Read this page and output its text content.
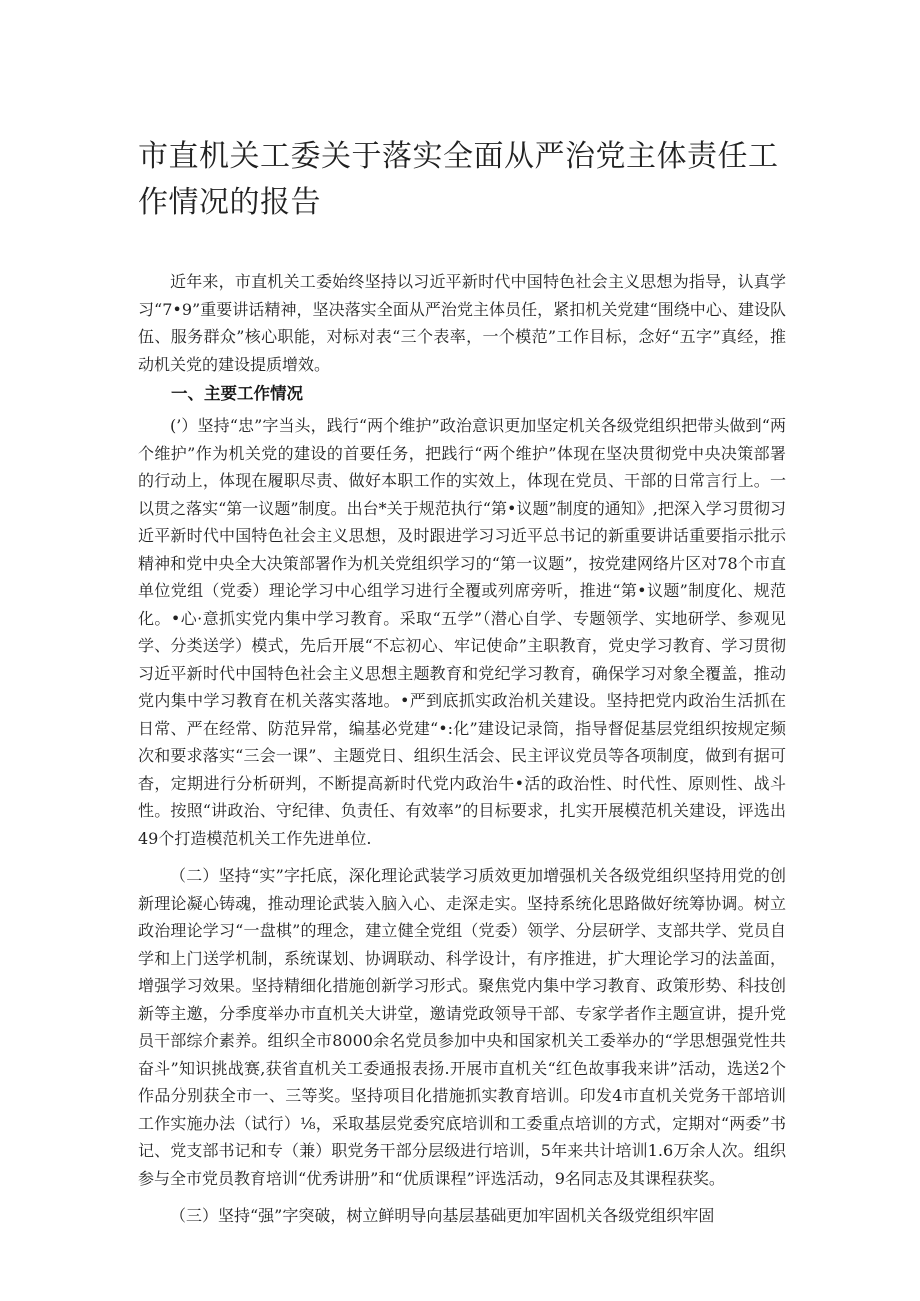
市直机关工委关于落实全面从严治党主体责任工作情况的报告

近年来，市直机关工委始终坚持以习近平新时代中国特色社会主义思想为指导，认真学习“7•9”重要讲话精神，坚决落实全面从严治党主体员任，紧扣机关党建“围绕中心、建设队伍、服务群众”核心职能，对标对表“三个表率，一个模范”工作目标，念好“五字”真经，推动机关党的建设提质增效。

一、主要工作情况

(’）坚持“忠”字当头，践行“两个维护”政治意识更加坚定机关各级党组织把带头做到“两个维护”作为机关党的建设的首要任务，把践行“两个维护”体现在坚决贯彻党中央决策部署的行动上，体现在履职尽责、做好本职工作的实效上，体现在党员、干部的日常言行上。一以贯之落实“第一议题”制度。出台*关于规范执行“第•议题”制度的通知》,把深入学习贯彻习近平新时代中国特色社会主义思想，及时跟进学习习近平总书记的新重要讲话重要指示批示精神和党中央全大决策部署作为机关党组织学习的“第一议题”，按党建网络片区对78个市直单位党组（党委）理论学习中心组学习进行全覆或列席旁听，推进“第•议题”制度化、规范化。•心·意抓实党内集中学习教育。采取“五学”（潜心自学、专题领学、实地研学、参观见学、分类送学）模式，先后开展“不忘初心、牢记使命”主职教育，党史学习教育、学习贯彻习近平新时代中国特色社会主义思想主题教育和党纪学习教育，确保学习对象全覆盖，推动党内集中学习教育在机关落实落地。•严到底抓实政治机关建设。坚持把党内政治生活抓在日常、严在经常、防范异常，编基必党建“•:化”建设记录筒，指导督促基层党组织按规定频次和要求落实“三会一课”、主题党日、组织生活会、民主评议党员等各项制度，做到有据可杳，定期进行分析研判，不断提高新时代党内政治牛•活的政治性、时代性、原则性、战斗性。按照“讲政治、守纪律、负责任、有效率”的目标要求，扎实开展模范机关建设，评选出49个打造模范机关工作先进单位.

（二）坚持“实”字托底，深化理论武装学习质效更加增强机关各级党组织坚持用党的创新理论凝心铸魂，推动理论武装入脑入心、走深走实。坚持系统化思路做好统筹协调。树立政治理论学习“一盘棋”的理念，建立健全党组（党委）领学、分层研学、支部共学、党员自学和上门送学机制，系统谋划、协调联动、科学设计，有序推进，扩大理论学习的法盖面，增强学习效果。坚持精细化措施创新学习形式。聚焦党内集中学习教育、政策形势、科技创新等主邀，分季度举办市直机关大讲堂，邀请党政领导干部、专家学者作主题宣讲，提升党员干部综介素养。组织全市8000余名党员参加中央和国家机关工委举办的“学思想强党性共奋斗”知识挑战赛,获省直机关工委通报表扬.开展市直机关“红色故事我来讲”活动，选送2个作品分别获全市一、三等奖。坚持项目化措施抓实教育培训。印发4市直机关党务干部培训工作实施办法（试行）⅛，采取基层党委究底培训和工委重点培训的方式，定期对“两委”书记、党支部书记和专（兼）职党务干部分层级进行培训，5年来共计培训1.6万余人次。组织参与全市党员教育培训“优秀讲册”和“优质课程”评选活动，9名同志及其课程获奖。

（三）坚持“强”字突破，树立鲜明导向基层基础更加牢固机关各级党组织牢固
